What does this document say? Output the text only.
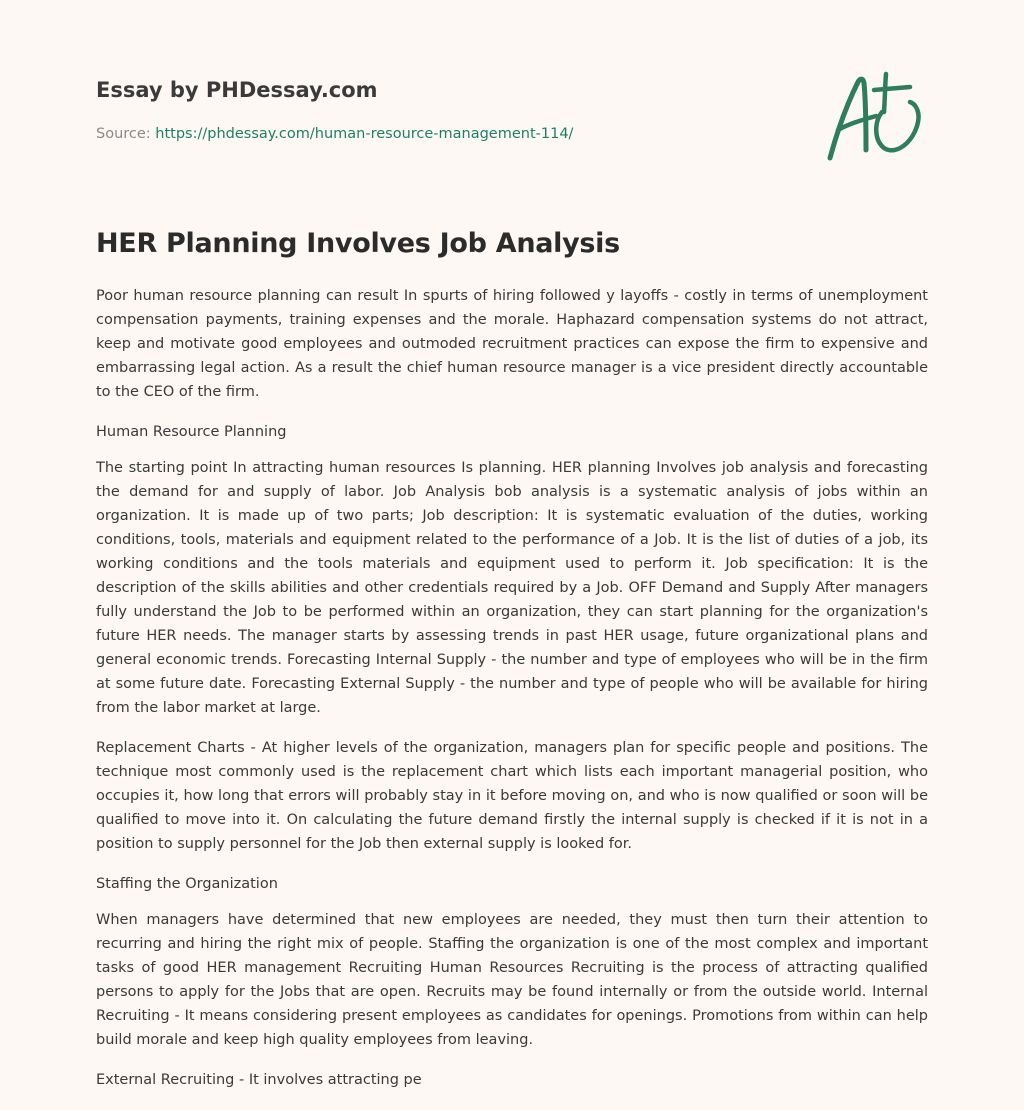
Essay by PHDessay.com
Source: https://phdessay.com/human-resource-management-114/
HER Planning Involves Job Analysis

Poor human resource planning can result In spurts of hiring followed y layoffs - costly in terms of unemployment compensation payments, training expenses and the morale. Haphazard compensation systems do not attract, keep and motivate good employees and outmoded recruitment practices can expose the firm to expensive and embarrassing legal action. As a result the chief human resource manager is a vice president directly accountable to the CEO of the firm.

Human Resource Planning

The starting point In attracting human resources Is planning. HER planning Involves job analysis and forecasting the demand for and supply of labor. Job Analysis bob analysis is a systematic analysis of jobs within an organization. It is made up of two parts; Job description: It is systematic evaluation of the duties, working conditions, tools, materials and equipment related to the performance of a Job. It is the list of duties of a job, its working conditions and the tools materials and equipment used to perform it. Job specification: It is the description of the skills abilities and other credentials required by a Job. OFF Demand and Supply After managers fully understand the Job to be performed within an organization, they can start planning for the organization's future HER needs. The manager starts by assessing trends in past HER usage, future organizational plans and general economic trends. Forecasting Internal Supply - the number and type of employees who will be in the firm at some future date. Forecasting External Supply - the number and type of people who will be available for hiring from the labor market at large.

Replacement Charts - At higher levels of the organization, managers plan for specific people and positions. The technique most commonly used is the replacement chart which lists each important managerial position, who occupies it, how long that errors will probably stay in it before moving on, and who is now qualified or soon will be qualified to move into it. On calculating the future demand firstly the internal supply is checked if it is not in a position to supply personnel for the Job then external supply is looked for.

Staffing the Organization

When managers have determined that new employees are needed, they must then turn their attention to recurring and hiring the right mix of people. Staffing the organization is one of the most complex and important tasks of good HER management Recruiting Human Resources Recruiting is the process of attracting qualified persons to apply for the Jobs that are open. Recruits may be found internally or from the outside world. Internal Recruiting - It means considering present employees as candidates for openings. Promotions from within can help build morale and keep high quality employees from leaving.

External Recruiting - It involves attracting pe
